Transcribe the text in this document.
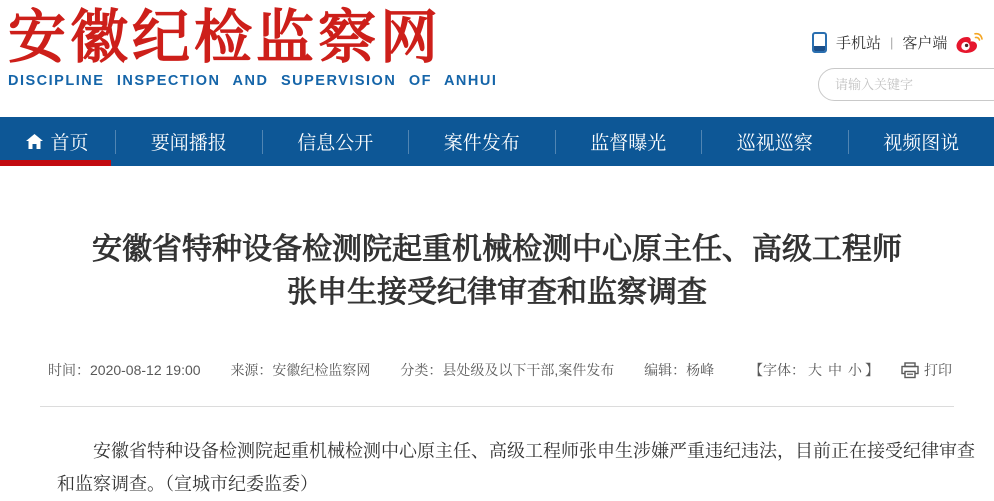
安徽纪检监察网
DISCIPLINE INSPECTION AND SUPERVISION OF ANHUI
手机站 | 客户端
请输入关键字
首页	要闻播报	信息公开	案件发布	监督曝光	巡视巡察	视频图说
安徽省特种设备检测院起重机械检测中心原主任、高级工程师
张申生接受纪律审查和监察调查
时间：2020-08-12 19:00 来源：安徽纪检监察网 分类：县处级及以下干部,案件发布 编辑：杨峰	【字体： 大 中 小 】	打印

安徽省特种设备检测院起重机械检测中心原主任、高级工程师张申生涉嫌严重违纪违法，目前正在接受纪律审查和监察调查。（宣城市纪委监委）
